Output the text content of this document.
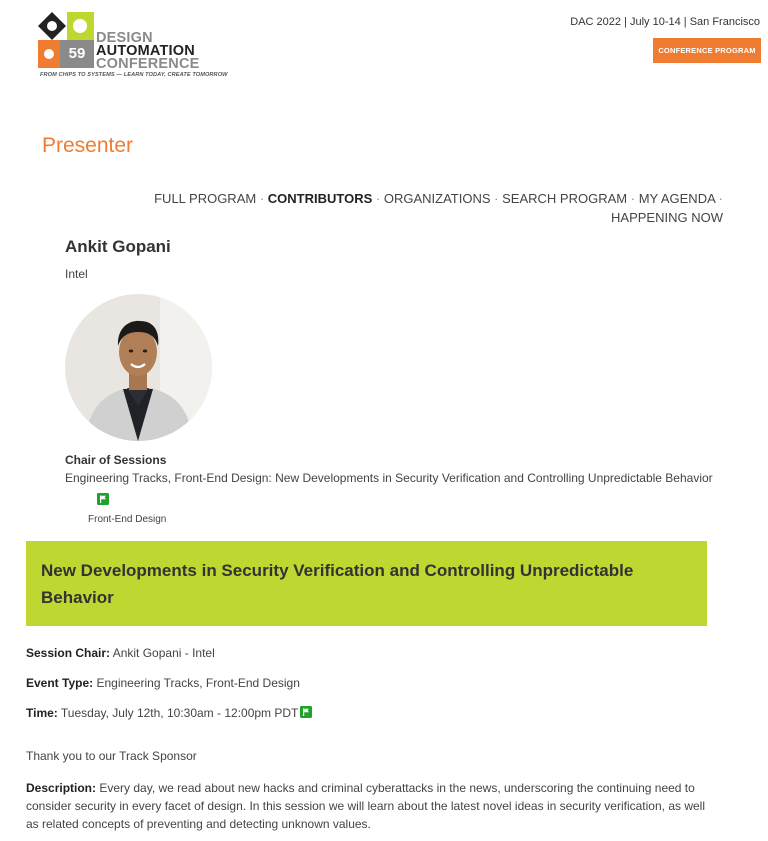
59
DESIGN
AUTOMATION
CONFERENCE
FROM CHIPS TO SYSTEMS — LEARN TODAY, CREATE TOMORROW
DAC 2022 | July 10-14 | San Francisco
CONFERENCE PROGRAM
Presenter
FULL PROGRAM · CONTRIBUTORS · ORGANIZATIONS · SEARCH PROGRAM · MY AGENDA ·
HAPPENING NOW
Ankit Gopani
Intel
Chair of Sessions
Engineering Tracks, Front-End Design: New Developments in Security Verification and Controlling Unpredictable Behavior
Front-End Design
New Developments in Security Verification and Controlling Unpredictable Behavior
Session Chair: Ankit Gopani - Intel
Event Type: Engineering Tracks, Front-End Design
Time: Tuesday, July 12th, 10:30am - 12:00pm PDT
Thank you to our Track Sponsor

Description: Every day, we read about new hacks and criminal cyberattacks in the news, underscoring the continuing need to consider security in every facet of design. In this session we will learn about the latest novel ideas in security verification, as well as related concepts of preventing and detecting unknown values.
